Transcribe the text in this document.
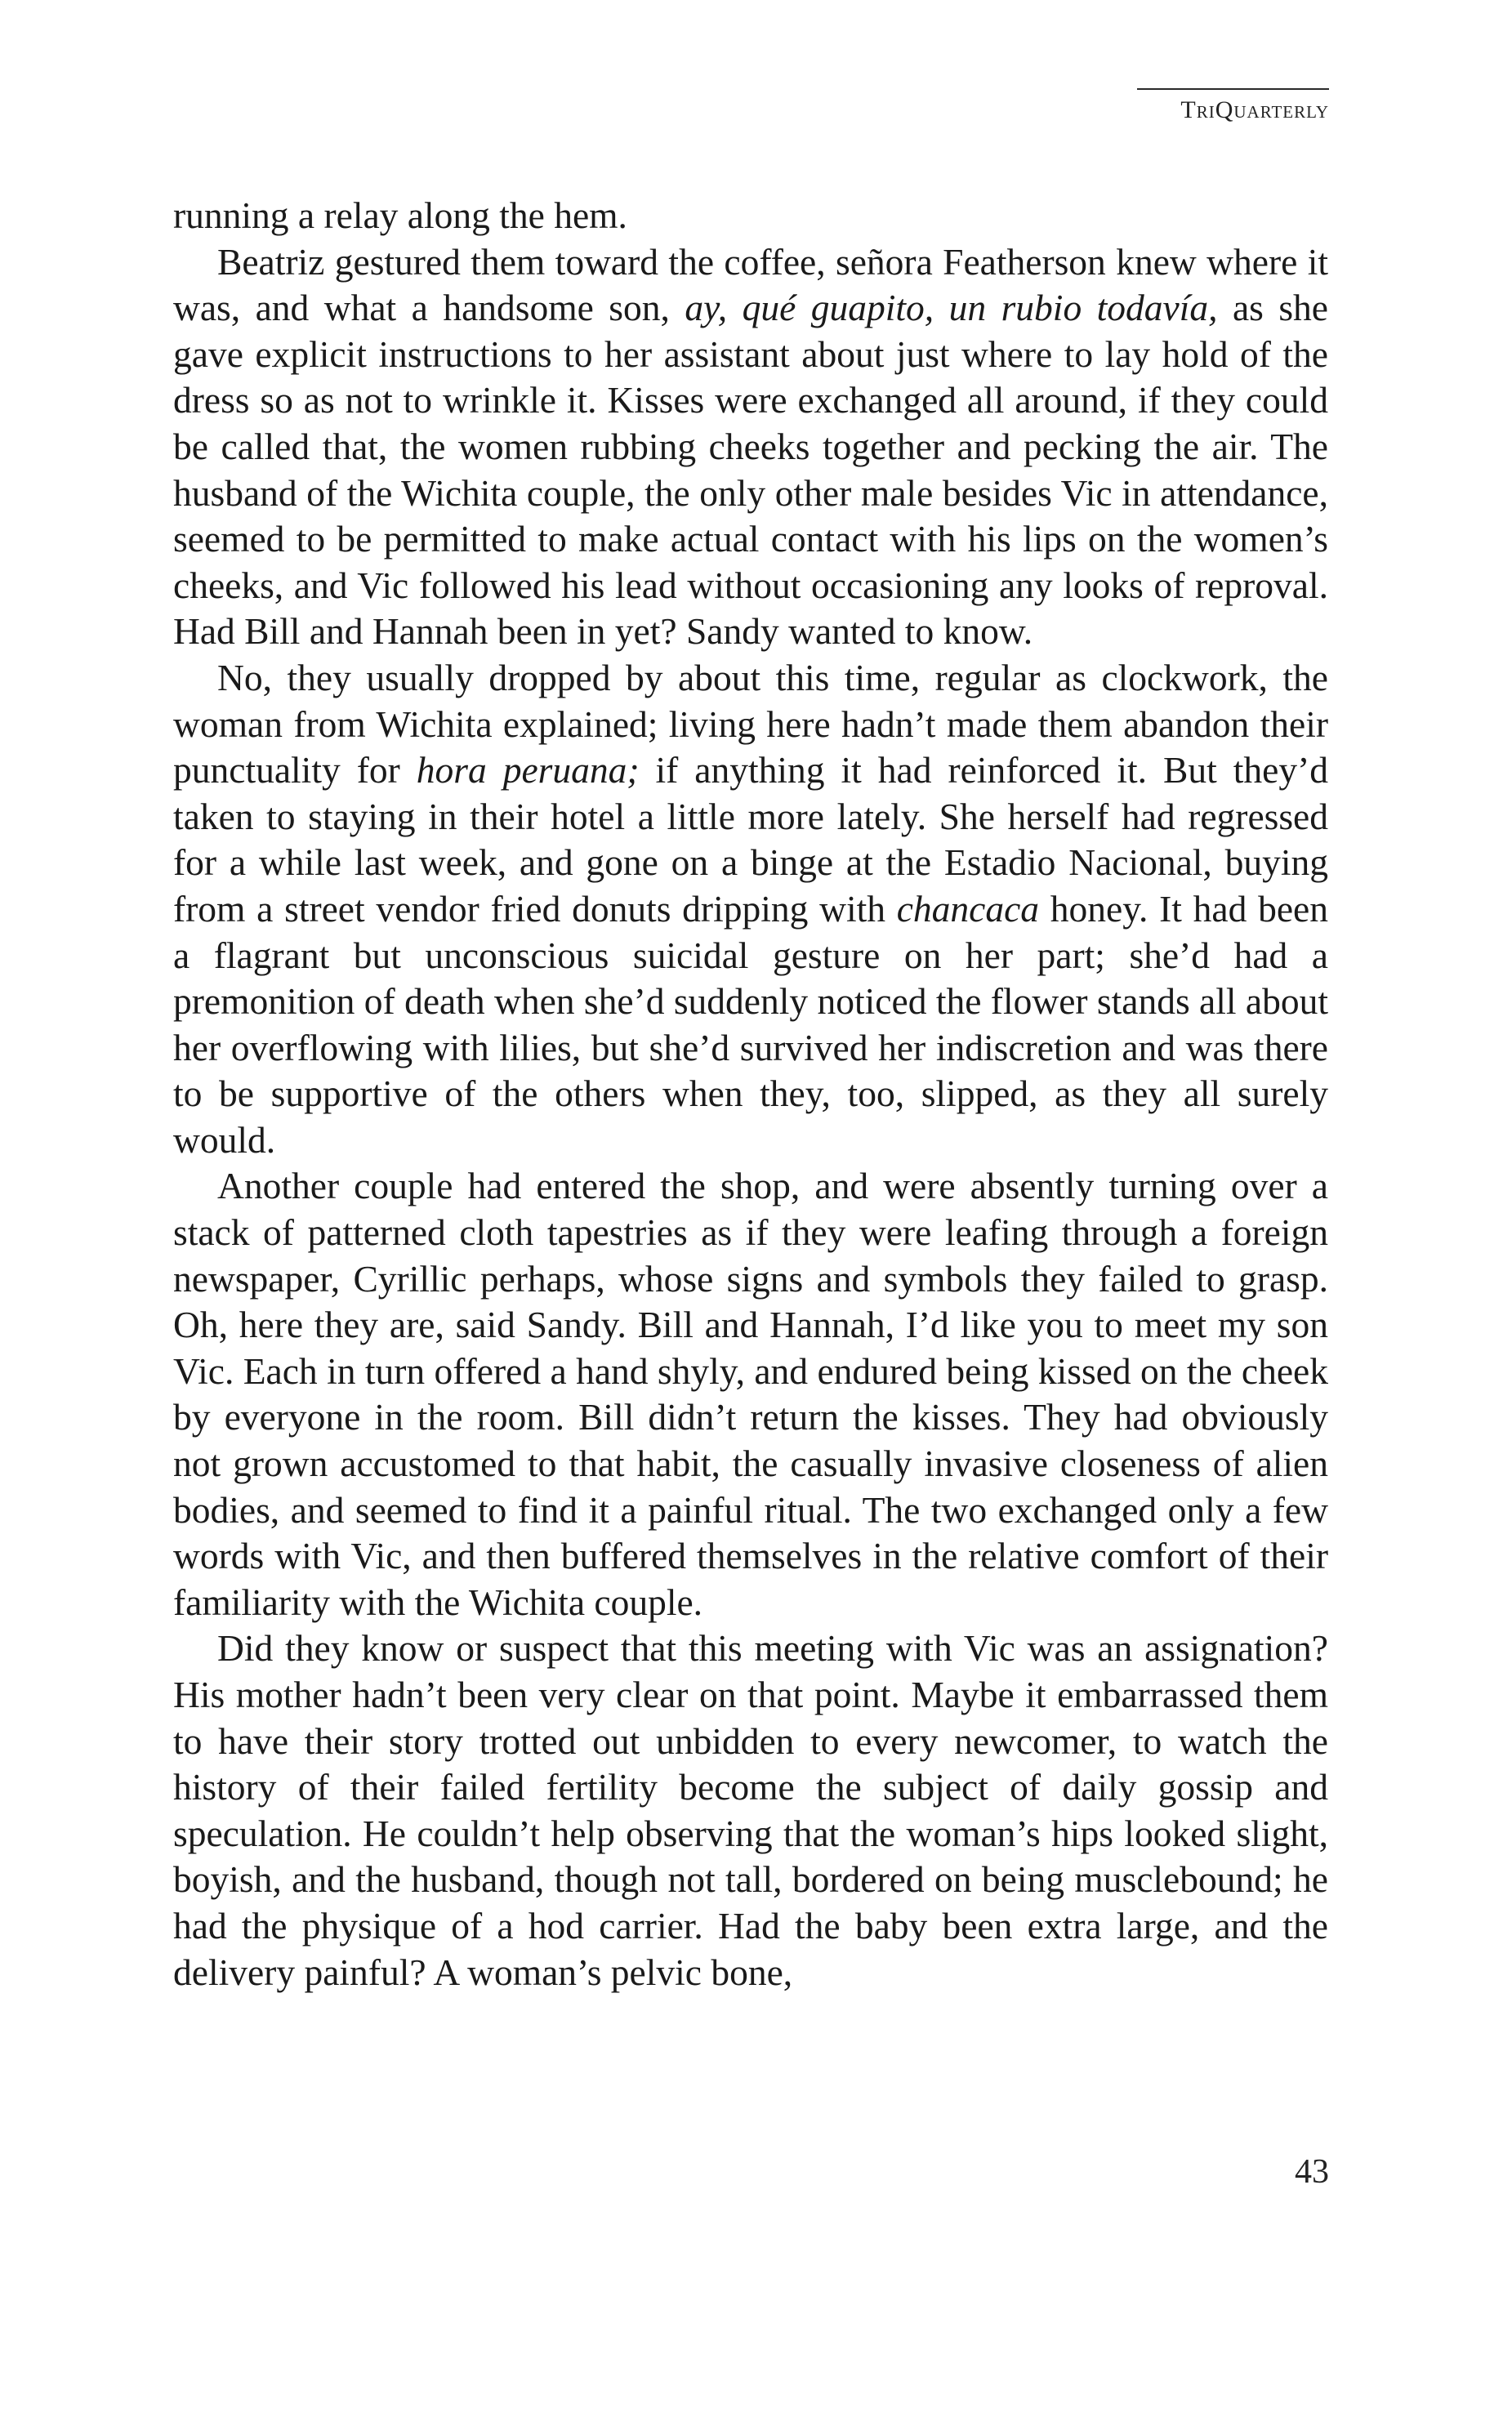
TriQuarterly

running a relay along the hem.

Beatriz gestured them toward the coffee, señora Featherson knew where it was, and what a handsome son, ay, qué guapito, un rubio todavía, as she gave explicit instructions to her assistant about just where to lay hold of the dress so as not to wrinkle it. Kisses were exchanged all around, if they could be called that, the women rubbing cheeks together and pecking the air. The husband of the Wichita couple, the only other male besides Vic in attendance, seemed to be permitted to make actual contact with his lips on the women’s cheeks, and Vic followed his lead without occasioning any looks of reproval. Had Bill and Hannah been in yet? Sandy wanted to know.

No, they usually dropped by about this time, regular as clockwork, the woman from Wichita explained; living here hadn’t made them abandon their punctuality for hora peruana; if anything it had reinforced it. But they’d taken to staying in their hotel a little more lately. She herself had regressed for a while last week, and gone on a binge at the Estadio Nacional, buying from a street vendor fried donuts dripping with chancaca honey. It had been a flagrant but unconscious suicidal gesture on her part; she’d had a premonition of death when she’d suddenly noticed the flower stands all about her overflowing with lilies, but she’d survived her indiscretion and was there to be supportive of the others when they, too, slipped, as they all surely would.

Another couple had entered the shop, and were absently turning over a stack of patterned cloth tapestries as if they were leafing through a foreign newspaper, Cyrillic perhaps, whose signs and symbols they failed to grasp. Oh, here they are, said Sandy. Bill and Hannah, I’d like you to meet my son Vic. Each in turn offered a hand shyly, and endured being kissed on the cheek by everyone in the room. Bill didn’t return the kisses. They had obviously not grown accustomed to that habit, the casually invasive closeness of alien bodies, and seemed to find it a painful ritual. The two exchanged only a few words with Vic, and then buffered themselves in the relative comfort of their familiarity with the Wichita couple.

Did they know or suspect that this meeting with Vic was an assignation? His mother hadn’t been very clear on that point. Maybe it embarrassed them to have their story trotted out unbidden to every newcomer, to watch the history of their failed fertility become the subject of daily gossip and speculation. He couldn’t help observing that the woman’s hips looked slight, boyish, and the husband, though not tall, bordered on being musclebound; he had the physique of a hod carrier. Had the baby been extra large, and the delivery painful? A woman’s pelvic bone,

43
